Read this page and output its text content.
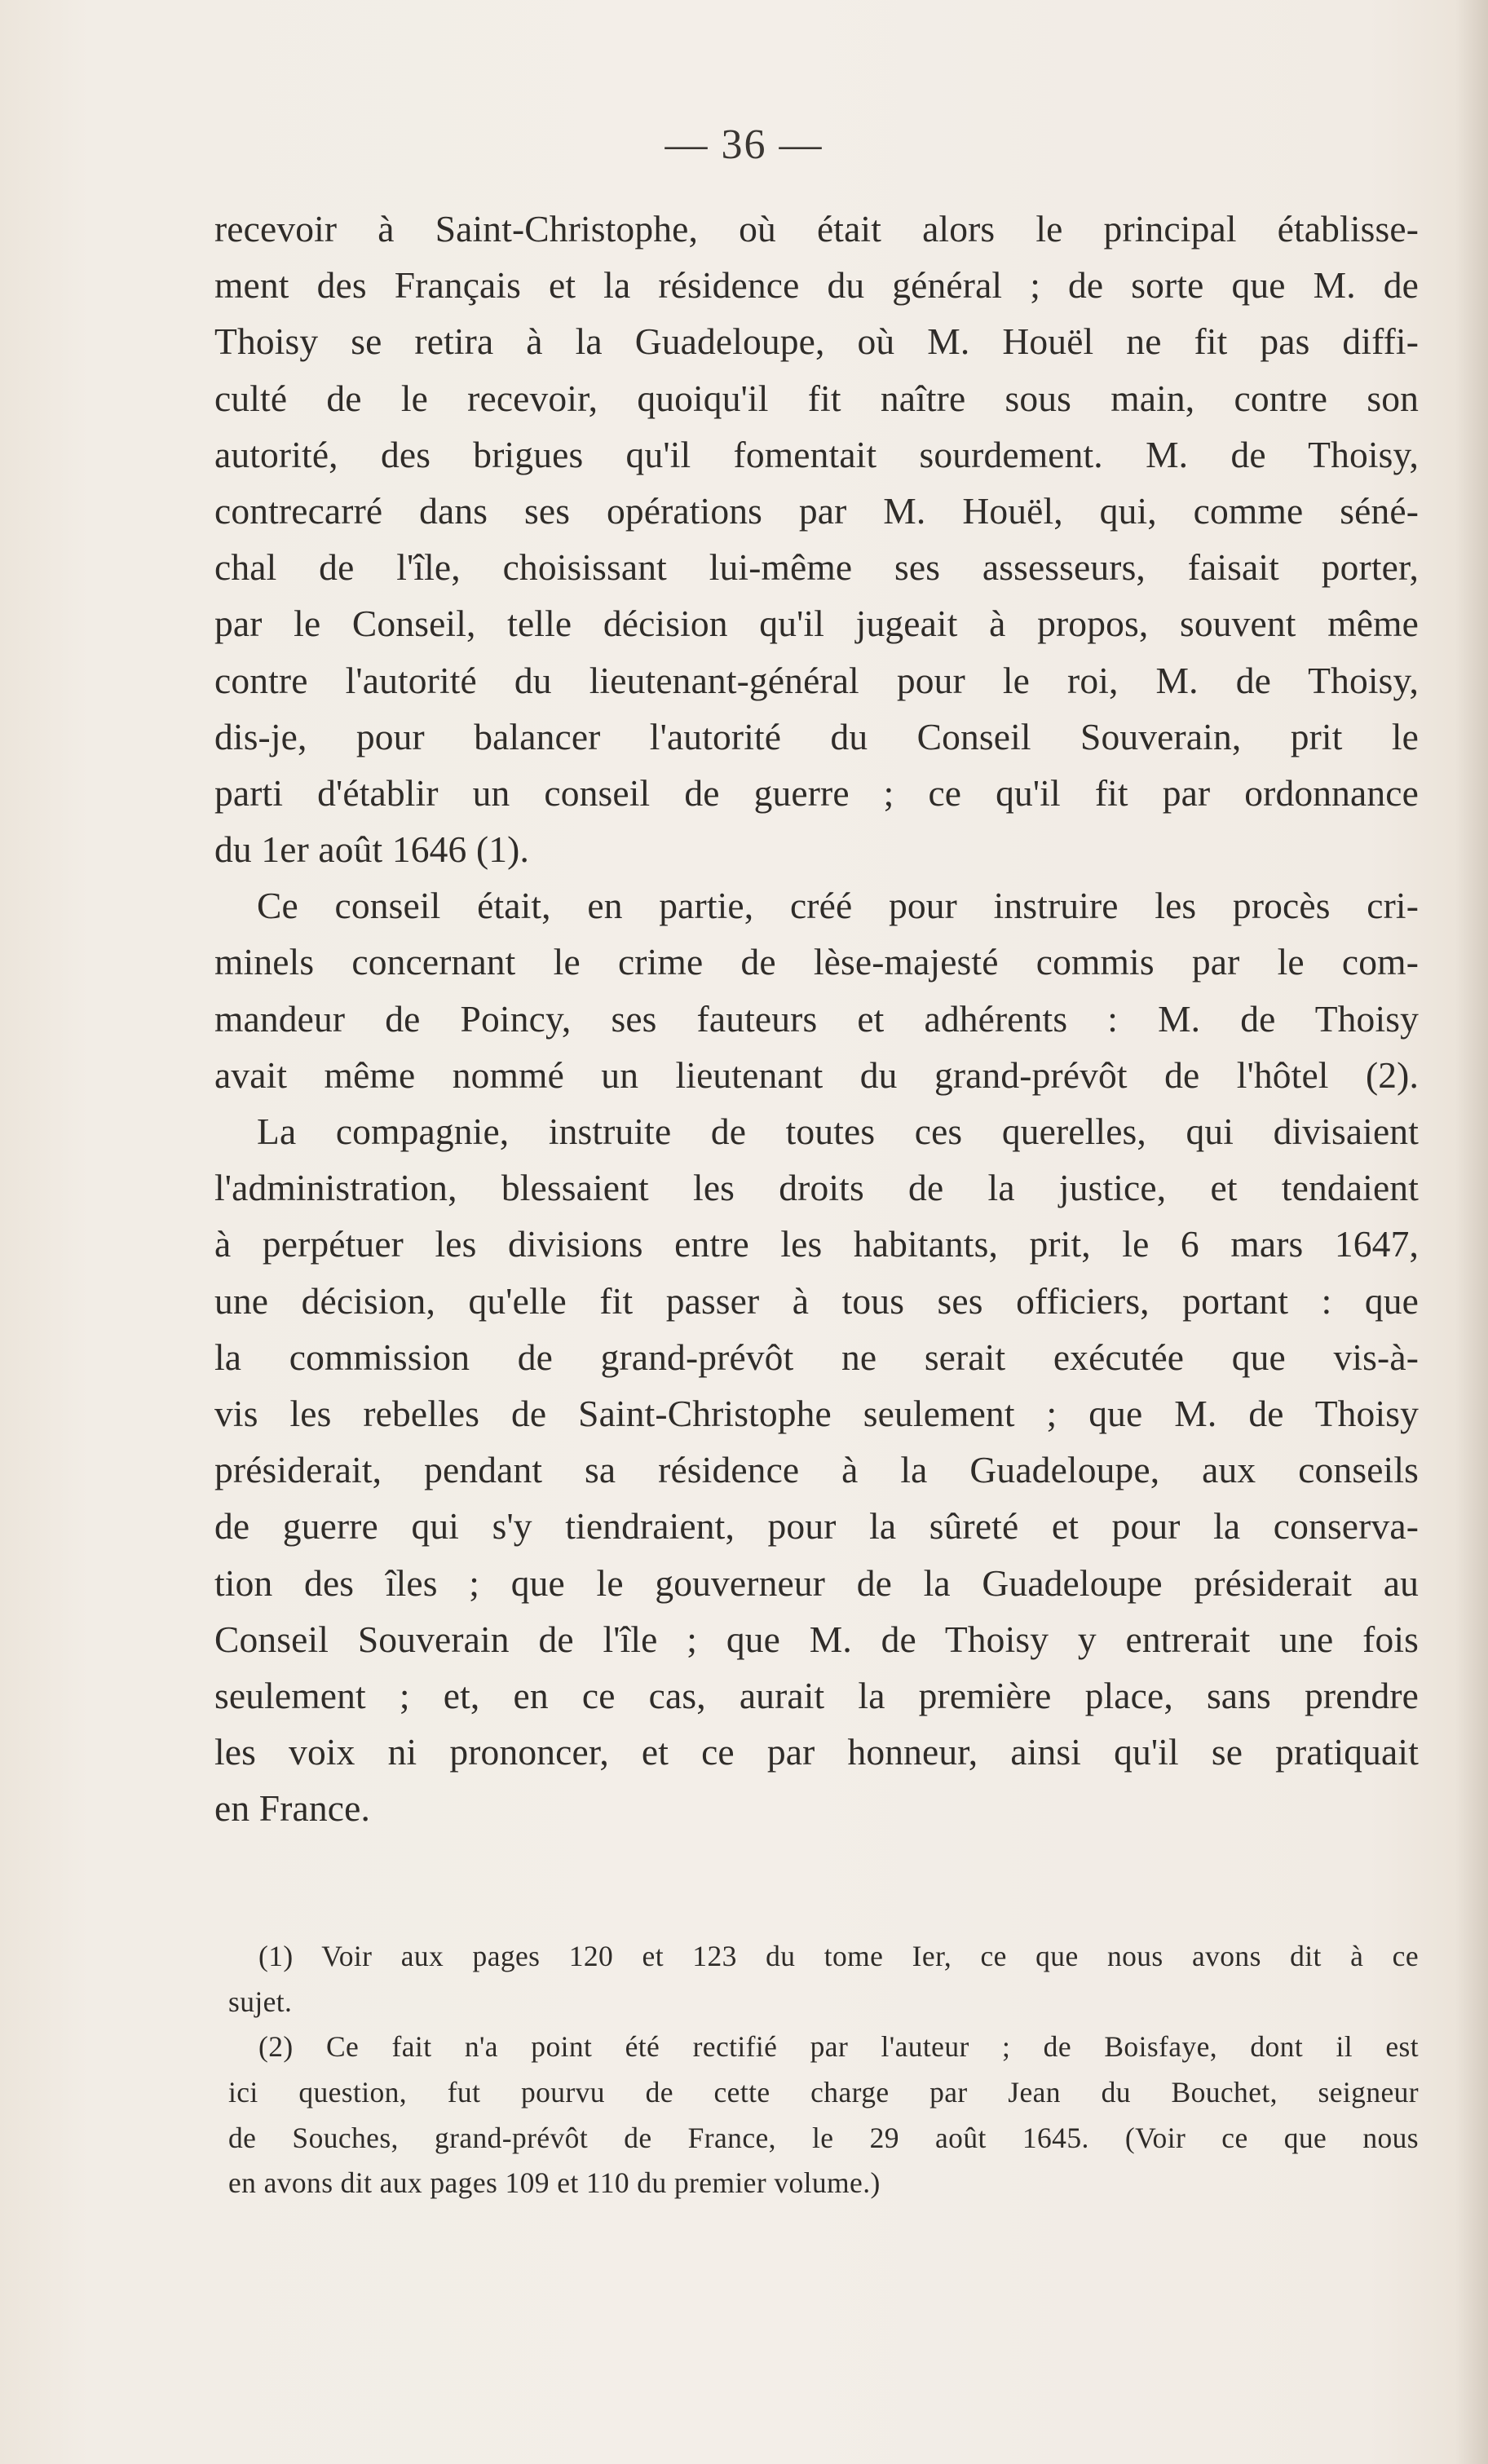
— 36 —
recevoir à Saint-Christophe, où était alors le principal établisse-
ment des Français et la résidence du général ; de sorte que M. de
Thoisy se retira à la Guadeloupe, où M. Houël ne fit pas diffi-
culté de le recevoir, quoiqu'il fit naître sous main, contre son
autorité, des brigues qu'il fomentait sourdement. M. de Thoisy,
contrecarré dans ses opérations par M. Houël, qui, comme séné-
chal de l'île, choisissant lui-même ses assesseurs, faisait porter,
par le Conseil, telle décision qu'il jugeait à propos, souvent même
contre l'autorité du lieutenant-général pour le roi, M. de Thoisy,
dis-je, pour balancer l'autorité du Conseil Souverain, prit le
parti d'établir un conseil de guerre ; ce qu'il fit par ordonnance
du 1er août 1646 (1).
Ce conseil était, en partie, créé pour instruire les procès cri-
minels concernant le crime de lèse-majesté commis par le com-
mandeur de Poincy, ses fauteurs et adhérents : M. de Thoisy
avait même nommé un lieutenant du grand-prévôt de l'hôtel (2).
La compagnie, instruite de toutes ces querelles, qui divisaient
l'administration, blessaient les droits de la justice, et tendaient
à perpétuer les divisions entre les habitants, prit, le 6 mars 1647,
une décision, qu'elle fit passer à tous ses officiers, portant : que
la commission de grand-prévôt ne serait exécutée que vis-à-
vis les rebelles de Saint-Christophe seulement ; que M. de Thoisy
présiderait, pendant sa résidence à la Guadeloupe, aux conseils
de guerre qui s'y tiendraient, pour la sûreté et pour la conserva-
tion des îles ; que le gouverneur de la Guadeloupe présiderait au
Conseil Souverain de l'île ; que M. de Thoisy y entrerait une fois
seulement ; et, en ce cas, aurait la première place, sans prendre
les voix ni prononcer, et ce par honneur, ainsi qu'il se pratiquait
en France.
(1) Voir aux pages 120 et 123 du tome Ier, ce que nous avons dit à ce
sujet.
(2) Ce fait n'a point été rectifié par l'auteur ; de Boisfaye, dont il est
ici question, fut pourvu de cette charge par Jean du Bouchet, seigneur
de Souches, grand-prévôt de France, le 29 août 1645. (Voir ce que nous
en avons dit aux pages 109 et 110 du premier volume.)
